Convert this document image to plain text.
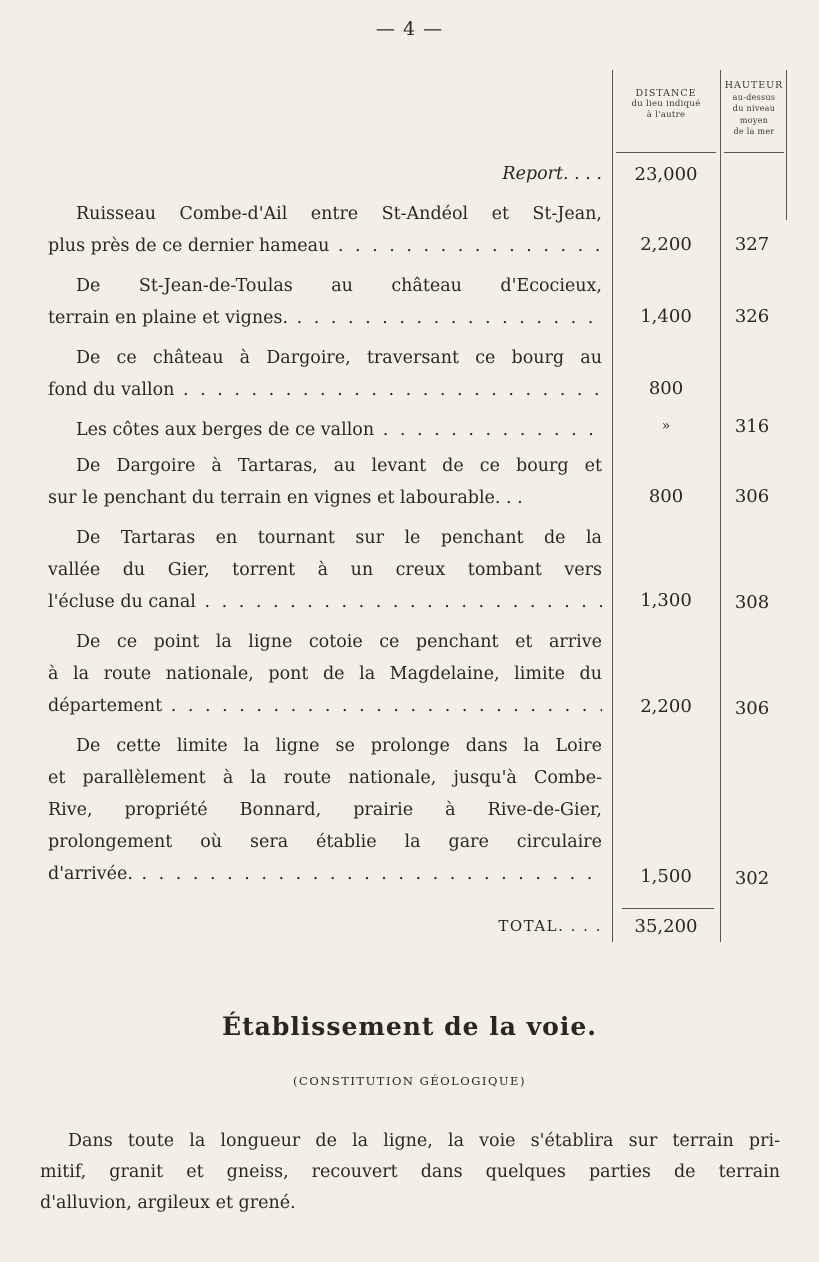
— 4 —
DISTANCE
du lieu indiqué
à l'autre
HAUTEUR
au-dessus
du niveau
moyen
de la mer
Report. . . .	23,000
Ruisseau Combe-d'Ail entre St-Andéol et St-Jean,
plus près de ce dernier hameau . . .	2,200	327
De St-Jean-de-Toulas au château d'Ecocieux,
terrain en plaine et vignes. . . .	1,400	326
De ce château à Dargoire, traversant ce bourg au
fond du vallon . . .	800
Les côtes aux berges de ce vallon . . .	»	316
De Dargoire à Tartaras, au levant de ce bourg et
sur le penchant du terrain en vignes et labourable. . .	800	306
De Tartaras en tournant sur le penchant de la
vallée du Gier, torrent à un creux tombant vers
l'écluse du canal . . .	1,300	308
De ce point la ligne cotoie ce penchant et arrive
à la route nationale, pont de la Magdelaine, limite du
département . . .	2,200	306
De cette limite la ligne se prolonge dans la Loire
et parallèlement à la route nationale, jusqu'à Combe-
Rive, propriété Bonnard, prairie à Rive-de-Gier,
prolongement où sera établie la gare circulaire
d'arrivée. . . .	1,500	302
TOTAL. . . .	35,200
Établissement de la voie.
(CONSTITUTION GÉOLOGIQUE)
Dans toute la longueur de la ligne, la voie s'établira sur terrain pri-
mitif, granit et gneiss, recouvert dans quelques parties de terrain
d'alluvion, argileux et grené.
